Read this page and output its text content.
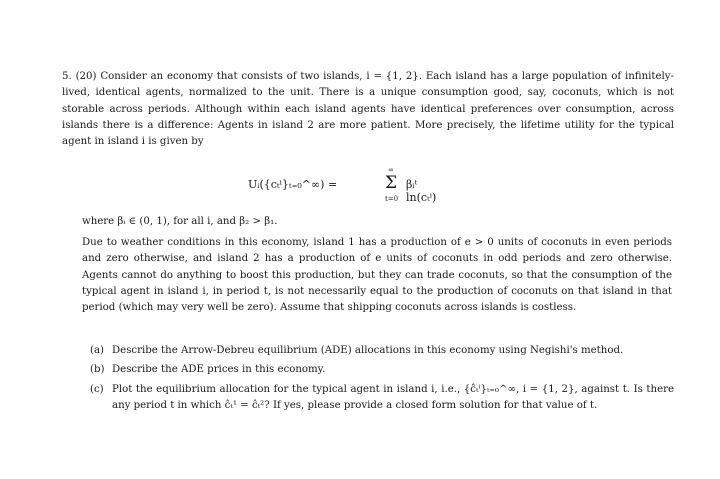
5. (20) Consider an economy that consists of two islands, i = {1, 2}. Each island has a large population of infinitely-lived, identical agents, normalized to the unit. There is a unique consumption good, say, coconuts, which is not storable across periods. Although within each island agents have identical preferences over consumption, across islands there is a difference: Agents in island 2 are more patient. More precisely, the lifetime utility for the typical agent in island i is given by

Uᵢ({cₜⁱ}ₜ₌₀^∞) =
∞
Σ
t=0
βᵢᵗ ln(cₜⁱ)
where βᵢ ∈ (0, 1), for all i, and β₂ > β₁.
Due to weather conditions in this economy, island 1 has a production of e > 0 units of coconuts in even periods and zero otherwise, and island 2 has a production of e units of coconuts in odd periods and zero otherwise. Agents cannot do anything to boost this production, but they can trade coconuts, so that the consumption of the typical agent in island i, in period t, is not necessarily equal to the production of coconuts on that island in that period (which may very well be zero). Assume that shipping coconuts across islands is costless.
(a) Describe the Arrow-Debreu equilibrium (ADE) allocations in this economy using Negishi's method.
(b) Describe the ADE prices in this economy.
(c) Plot the equilibrium allocation for the typical agent in island i, i.e., {ĉₜⁱ}ₜ₌₀^∞, i = {1, 2}, against t. Is there any period t in which ĉₜ¹ = ĉₜ²? If yes, please provide a closed form solution for that value of t.
